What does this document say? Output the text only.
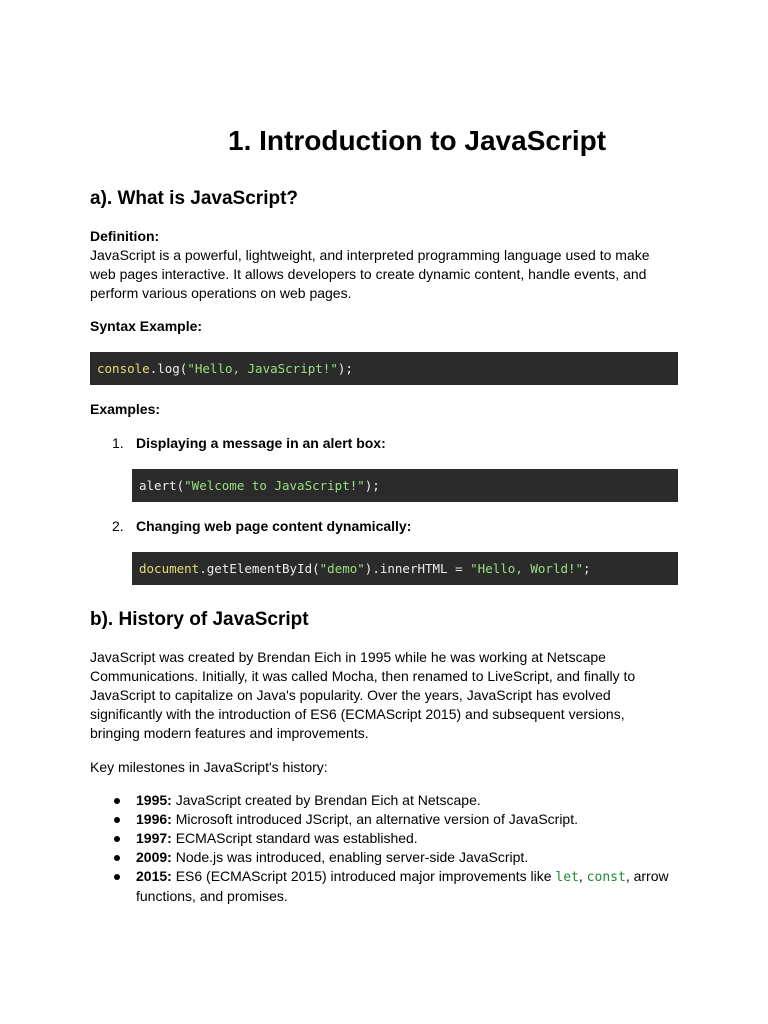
1. Introduction to JavaScript
a). What is JavaScript?

Definition:

JavaScript is a powerful, lightweight, and interpreted programming language used to make web pages interactive. It allows developers to create dynamic content, handle events, and perform various operations on web pages.

Syntax Example:

console.log("Hello, JavaScript!");

Examples:

1. Displaying a message in an alert box:
alert("Welcome to JavaScript!");
2. Changing web page content dynamically:
document.getElementById("demo").innerHTML = "Hello, World!";
b). History of JavaScript

JavaScript was created by Brendan Eich in 1995 while he was working at Netscape Communications. Initially, it was called Mocha, then renamed to LiveScript, and finally to JavaScript to capitalize on Java's popularity. Over the years, JavaScript has evolved significantly with the introduction of ES6 (ECMAScript 2015) and subsequent versions, bringing modern features and improvements.

Key milestones in JavaScript's history:

1995: JavaScript created by Brendan Eich at Netscape.
1996: Microsoft introduced JScript, an alternative version of JavaScript.
1997: ECMAScript standard was established.
2009: Node.js was introduced, enabling server-side JavaScript.
2015: ES6 (ECMAScript 2015) introduced major improvements like let, const, arrow functions, and promises.
